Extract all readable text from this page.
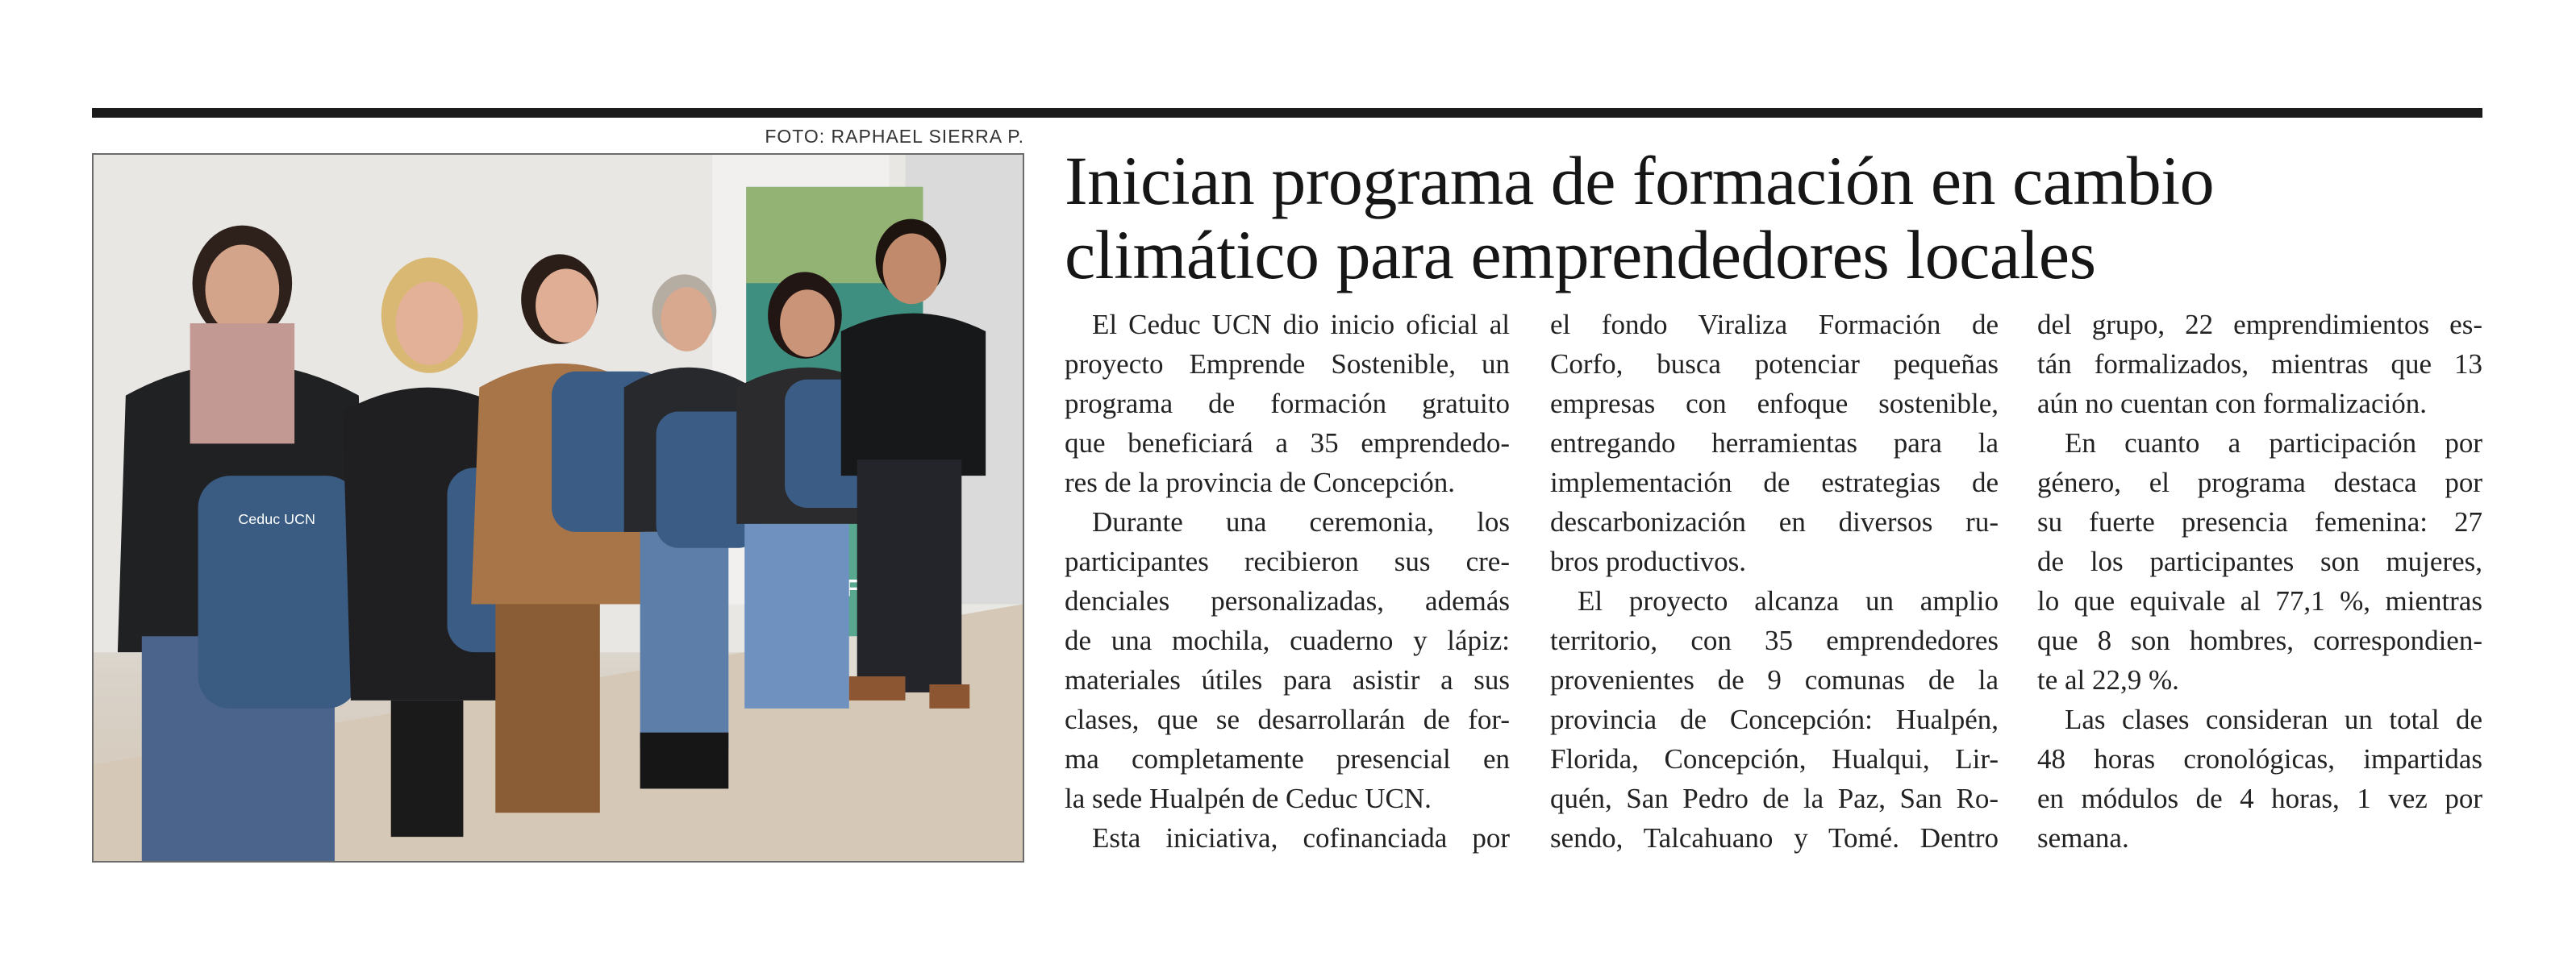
FOTO: RAPHAEL SIERRA P.
Ceduc UCN
Inician programa de formación en cambio
climático para emprendedores locales
El Ceduc UCN dio inicio oficial al
proyecto Emprende Sostenible, un
programa de formación gratuito
que beneficiará a 35 emprendedo-
res de la provincia de Concepción.
Durante una ceremonia, los
participantes recibieron sus cre-
denciales personalizadas, además
de una mochila, cuaderno y lápiz:
materiales útiles para asistir a sus
clases, que se desarrollarán de for-
ma completamente presencial en
la sede Hualpén de Ceduc UCN.
Esta iniciativa, cofinanciada por
el fondo Viraliza Formación de
Corfo, busca potenciar pequeñas
empresas con enfoque sostenible,
entregando herramientas para la
implementación de estrategias de
descarbonización en diversos ru-
bros productivos.
El proyecto alcanza un amplio
territorio, con 35 emprendedores
provenientes de 9 comunas de la
provincia de Concepción: Hualpén,
Florida, Concepción, Hualqui, Lir-
quén, San Pedro de la Paz, San Ro-
sendo, Talcahuano y Tomé. Dentro
del grupo, 22 emprendimientos es-
tán formalizados, mientras que 13
aún no cuentan con formalización.
En cuanto a participación por
género, el programa destaca por
su fuerte presencia femenina: 27
de los participantes son mujeres,
lo que equivale al 77,1 %, mientras
que 8 son hombres, correspondien-
te al 22,9 %.
Las clases consideran un total de
48 horas cronológicas, impartidas
en módulos de 4 horas, 1 vez por
semana.
